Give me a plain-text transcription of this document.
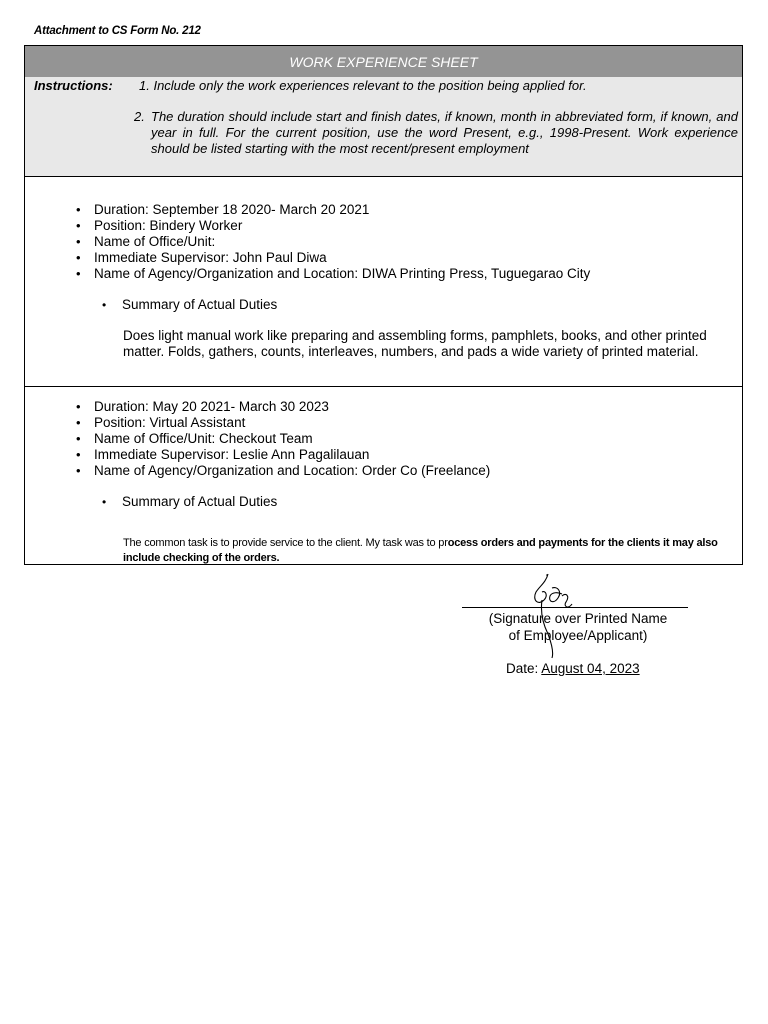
Attachment to CS Form No. 212
WORK EXPERIENCE SHEET
Instructions: 1. Include only the work experiences relevant to the position being applied for.
2. The duration should include start and finish dates, if known, month in abbreviated form, if known, and year in full. For the current position, use the word Present, e.g., 1998-Present. Work experience should be listed starting with the most recent/present employment
• Duration: September 18 2020- March 20 2021
• Position: Bindery Worker
• Name of Office/Unit:
• Immediate Supervisor: John Paul Diwa
• Name of Agency/Organization and Location: DIWA Printing Press, Tuguegarao City
• Summary of Actual Duties
Does light manual work like preparing and assembling forms, pamphlets, books, and other printed matter. Folds, gathers, counts, interleaves, numbers, and pads a wide variety of printed material.
• Duration: May 20 2021- March 30 2023
• Position: Virtual Assistant
• Name of Office/Unit: Checkout Team
• Immediate Supervisor: Leslie Ann Pagalilauan
• Name of Agency/Organization and Location: Order Co (Freelance)
• Summary of Actual Duties
The common task is to provide service to the client. My task was to process orders and payments for the clients it may also include checking of the orders.
(Signature over Printed Name
of Employee/Applicant)
Date: August 04, 2023
